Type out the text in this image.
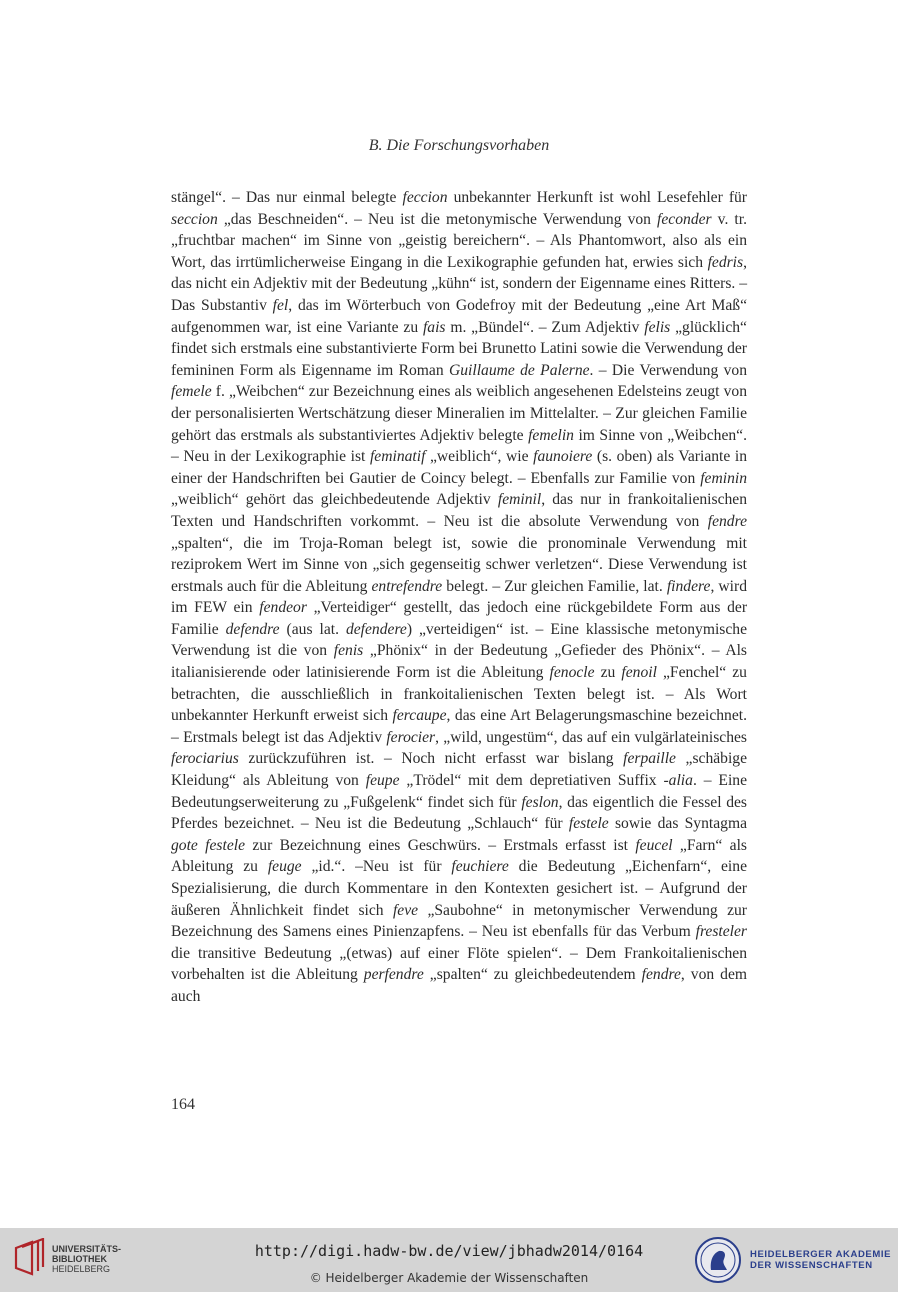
B. Die Forschungsvorhaben
stängel“. – Das nur einmal belegte feccion unbekannter Herkunft ist wohl Lesefehler für seccion „das Beschneiden“. – Neu ist die metonymische Verwendung von feconder v. tr. „fruchtbar machen“ im Sinne von „geistig bereichern“. – Als Phantomwort, also als ein Wort, das irrtümlicherweise Eingang in die Lexikographie gefunden hat, erwies sich fedris, das nicht ein Adjektiv mit der Bedeutung „kühn“ ist, sondern der Eigenname eines Ritters. – Das Substantiv fel, das im Wörterbuch von Godefroy mit der Bedeutung „eine Art Maß“ aufgenommen war, ist eine Variante zu fais m. „Bündel“. – Zum Adjektiv felis „glücklich“ findet sich erstmals eine substantivierte Form bei Brunetto Latini sowie die Verwendung der femininen Form als Eigenname im Roman Guillaume de Palerne. – Die Verwendung von femele f. „Weibchen“ zur Bezeichnung eines als weiblich angesehenen Edelsteins zeugt von der personalisierten Wertschätzung dieser Mineralien im Mittelalter. – Zur gleichen Familie gehört das erstmals als substantiviertes Adjektiv belegte femelin im Sinne von „Weibchen“. – Neu in der Lexikographie ist feminatif „weiblich“, wie faunoiere (s. oben) als Variante in einer der Handschriften bei Gautier de Coincy belegt. – Ebenfalls zur Familie von feminin „weiblich“ gehört das gleichbedeutende Adjektiv feminil, das nur in frankoitalienischen Texten und Handschriften vorkommt. – Neu ist die absolute Verwendung von fendre „spalten“, die im Troja-Roman belegt ist, sowie die pronominale Verwendung mit reziprokem Wert im Sinne von „sich gegenseitig schwer verletzen“. Diese Verwendung ist erstmals auch für die Ableitung entrefendre belegt. – Zur gleichen Familie, lat. findere, wird im FEW ein fendeor „Verteidiger“ gestellt, das jedoch eine rückgebildete Form aus der Familie defendre (aus lat. defendere) „verteidigen“ ist. – Eine klassische metonymische Verwendung ist die von fenis „Phönix“ in der Bedeutung „Gefieder des Phönix“. – Als italianisierende oder latinisierende Form ist die Ableitung fenocle zu fenoil „Fenchel“ zu betrachten, die ausschließlich in frankoitalienischen Texten belegt ist. – Als Wort unbekannter Herkunft erweist sich fercaupe, das eine Art Belagerungsmaschine bezeichnet. – Erstmals belegt ist das Adjektiv ferocier, „wild, ungestüm“, das auf ein vulgärlateinisches ferociarius zurückzuführen ist. – Noch nicht erfasst war bislang ferpaille „schäbige Kleidung“ als Ableitung von feupe „Trödel“ mit dem depretiativen Suffix -alia. – Eine Bedeutungserweiterung zu „Fußgelenk“ findet sich für feslon, das eigentlich die Fessel des Pferdes bezeichnet. – Neu ist die Bedeutung „Schlauch“ für festele sowie das Syntagma gote festele zur Bezeichnung eines Geschwürs. – Erstmals erfasst ist feucel „Farn“ als Ableitung zu feuge „id.“. –Neu ist für feuchiere die Bedeutung „Eichenfarn“, eine Spezialisierung, die durch Kommentare in den Kontexten gesichert ist. – Aufgrund der äußeren Ähnlichkeit findet sich feve „Saubohne“ in metonymischer Verwendung zur Bezeichnung des Samens eines Pinienzapfens. – Neu ist ebenfalls für das Verbum fresteler die transitive Bedeutung „(etwas) auf einer Flöte spielen“. – Dem Frankoitalienischen vorbehalten ist die Ableitung perfendre „spalten“ zu gleichbedeutendem fendre, von dem auch
164
UNIVERSITÄTS-
BIBLIOTHEK
HEIDELBERG
http://digi.hadw-bw.de/view/jbhadw2014/0164
© Heidelberger Akademie der Wissenschaften
HEIDELBERGER AKADEMIE
DER WISSENSCHAFTEN
